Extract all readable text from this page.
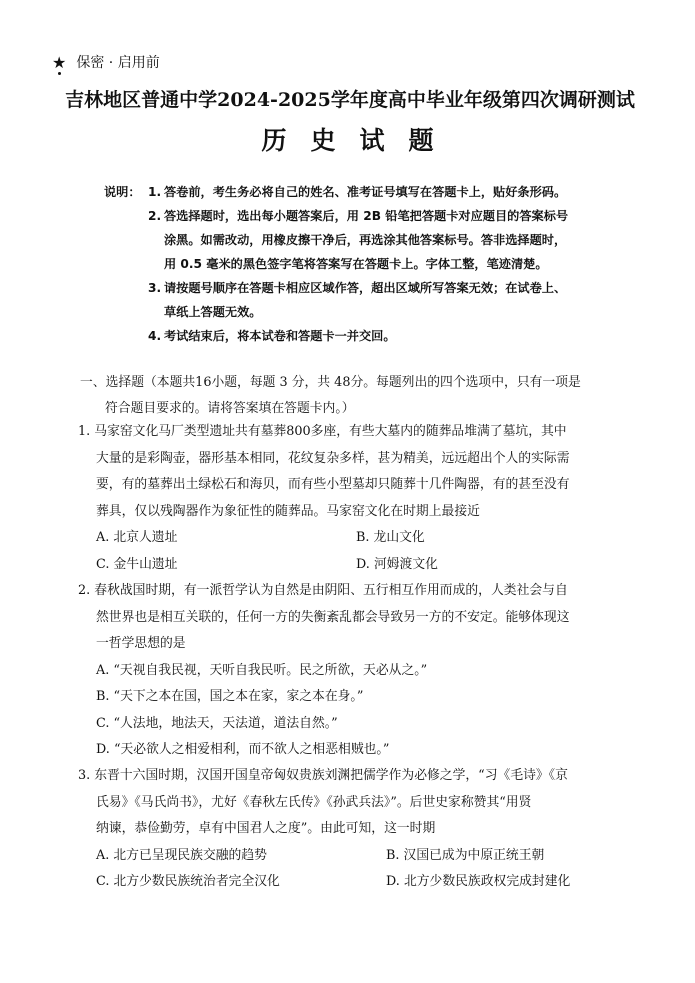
★ 保密 · 启用前
吉林地区普通中学2024-2025学年度高中毕业年级第四次调研测试
历史试题
说明： 1. 答卷前，考生务必将自己的姓名、准考证号填写在答题卡上，贴好条形码。
2. 答选择题时，选出每小题答案后，用 2B 铅笔把答题卡对应题目的答案标号
涂黑。如需改动，用橡皮擦干净后，再选涂其他答案标号。答非选择题时，
用 0.5 毫米的黑色签字笔将答案写在答题卡上。字体工整，笔迹清楚。
3. 请按题号顺序在答题卡相应区域作答，超出区域所写答案无效；在试卷上、
草纸上答题无效。
4. 考试结束后，将本试卷和答题卡一并交回。
一、选择题（本题共16小题，每题 3 分，共 48分。每题列出的四个选项中，只有一项是
符合题目要求的。请将答案填在答题卡内。）
1. 马家窑文化马厂类型遗址共有墓葬800多座，有些大墓内的随葬品堆满了墓坑，其中
大量的是彩陶壶，器形基本相同，花纹复杂多样，甚为精美，远远超出个人的实际需
要，有的墓葬出土绿松石和海贝，而有些小型墓却只随葬十几件陶器，有的甚至没有
葬具，仅以残陶器作为象征性的随葬品。马家窑文化在时期上最接近
A. 北京人遗址	B. 龙山文化
C. 金牛山遗址	D. 河姆渡文化
2. 春秋战国时期，有一派哲学认为自然是由阴阳、五行相互作用而成的，人类社会与自
然世界也是相互关联的，任何一方的失衡紊乱都会导致另一方的不安定。能够体现这
一哲学思想的是
A. “天视自我民视，天听自我民听。民之所欲，天必从之。”
B. “天下之本在国，国之本在家，家之本在身。”
C. “人法地，地法天，天法道，道法自然。”
D. “天必欲人之相爱相利，而不欲人之相恶相贼也。”
3. 东晋十六国时期，汉国开国皇帝匈奴贵族刘渊把儒学作为必修之学，“习《毛诗》《京
氏易》《马氏尚书》，尤好《春秋左氏传》《孙武兵法》”。后世史家称赞其“用贤
纳谏，恭俭勤劳，卓有中国君人之度”。由此可知，这一时期
A. 北方已呈现民族交融的趋势	B. 汉国已成为中原正统王朝
C. 北方少数民族统治者完全汉化	D. 北方少数民族政权完成封建化
